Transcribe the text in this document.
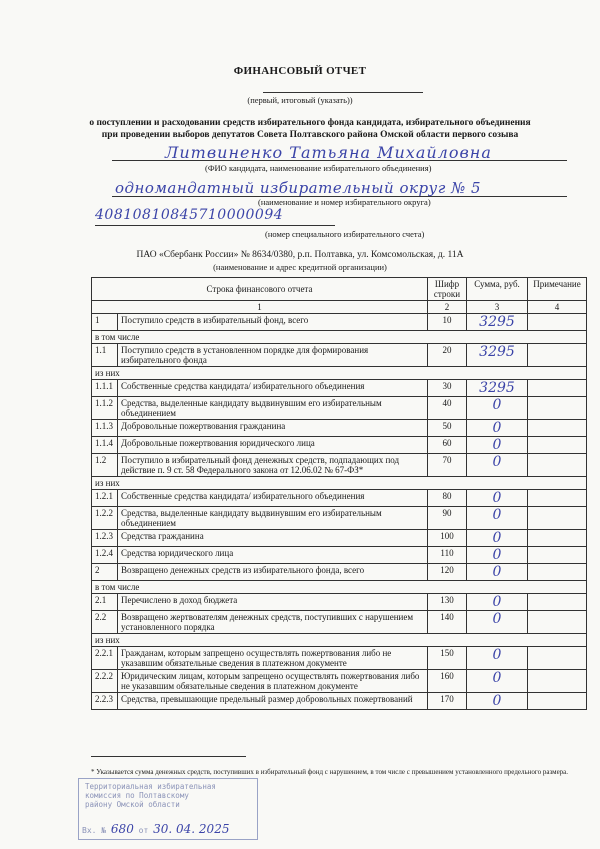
ФИНАНСОВЫЙ ОТЧЕТ
(первый, итоговый (указать))
о поступлении и расходовании средств избирательного фонда кандидата, избирательного объединения
при проведении выборов депутатов Совета Полтавского района Омской области первого созыва
Литвиненко Татьяна Михайловна
(ФИО кандидата, наименование избирательного объединения)
одномандатный избирательный округ № 5
(наименование и номер избирательного округа)
40810810845710000094
(номер специального избирательного счета)
ПАО «Сбербанк России» № 8634/0380, р.п. Полтавка, ул. Комсомольская, д. 11А
(наименование и адрес кредитной организации)
Строка финансового отчета		Шифр строки	Сумма, руб.	Примечание
1		2	3	4
1	Поступило средств в избирательный фонд, всего	10	3295	
в том числе				
1.1	Поступило средств в установленном порядке для формирования избирательного фонда	20	3295	
из них				
1.1.1	Собственные средства кандидата/ избирательного объединения	30	3295	
1.1.2	Средства, выделенные кандидату выдвинувшим его избирательным объединением	40	0	
1.1.3	Добровольные пожертвования гражданина	50	0	
1.1.4	Добровольные пожертвования юридического лица	60	0	
1.2	Поступило в избирательный фонд денежных средств, подпадающих под действие п. 9 ст. 58 Федерального закона от 12.06.02 № 67-ФЗ*	70	0	
из них				
1.2.1	Собственные средства кандидата/ избирательного объединения	80	0	
1.2.2	Средства, выделенные кандидату выдвинувшим его избирательным объединением	90	0	
1.2.3	Средства гражданина	100	0	
1.2.4	Средства юридического лица	110	0	
2	Возвращено денежных средств из избирательного фонда, всего	120	0	
в том числе				
2.1	Перечислено в доход бюджета	130	0	
2.2	Возвращено жертвователям денежных средств, поступивших с нарушением установленного порядка	140	0	
из них				
2.2.1	Гражданам, которым запрещено осуществлять пожертвования либо не указавшим обязательные сведения в платежном документе	150	0	
2.2.2	Юридическим лицам, которым запрещено осуществлять пожертвования либо не указавшим обязательные сведения в платежном документе	160	0	
2.2.3	Средства, превышающие предельный размер добровольных пожертвований	170	0	
* Указывается сумма денежных средств, поступивших в избирательный фонд с нарушением, в том числе с превышением установленного предельного размера.
Территориальная избирательная
комиссия по Полтавскому
району Омской области
Вх. № 680 от 30. 04. 2025
